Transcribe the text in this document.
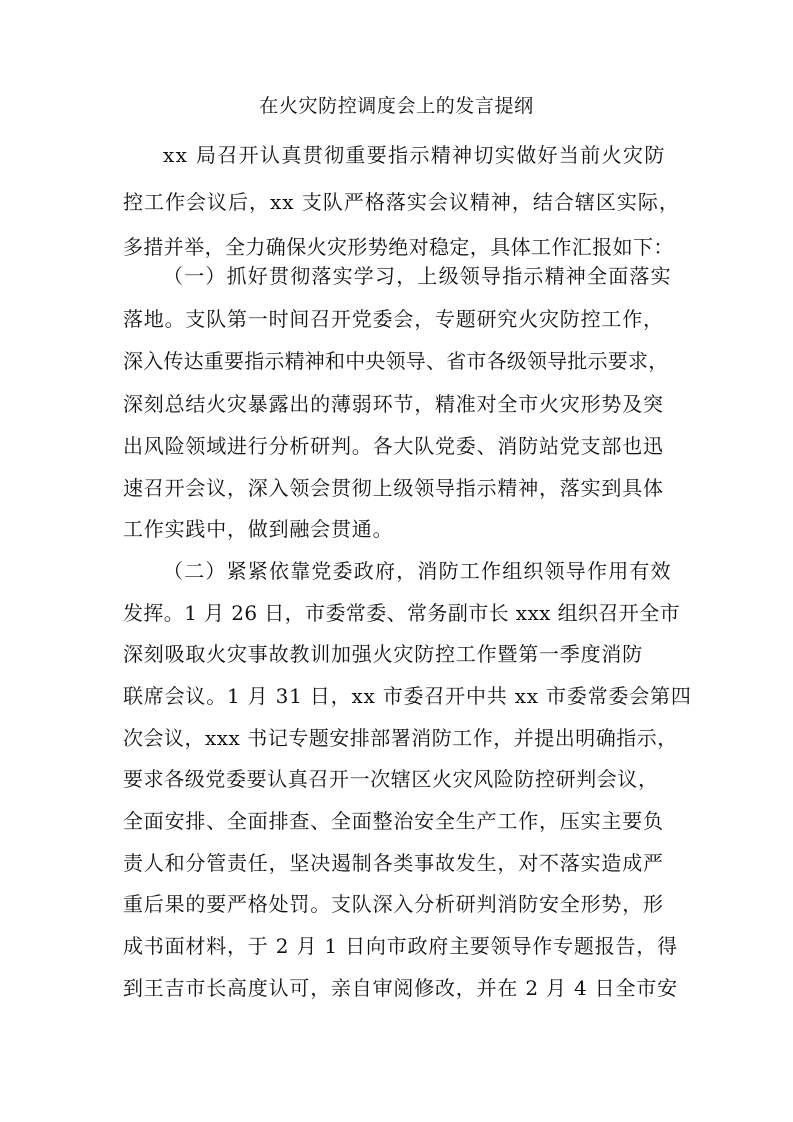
在火灾防控调度会上的发言提纲
xx 局召开认真贯彻重要指示精神切实做好当前火灾防
控工作会议后，xx 支队严格落实会议精神，结合辖区实际，
多措并举，全力确保火灾形势绝对稳定，具体工作汇报如下：
（一）抓好贯彻落实学习，上级领导指示精神全面落实
落地。支队第一时间召开党委会，专题研究火灾防控工作，
深入传达重要指示精神和中央领导、省市各级领导批示要求，
深刻总结火灾暴露出的薄弱环节，精准对全市火灾形势及突
出风险领域进行分析研判。各大队党委、消防站党支部也迅
速召开会议，深入领会贯彻上级领导指示精神，落实到具体
工作实践中，做到融会贯通。
（二）紧紧依靠党委政府，消防工作组织领导作用有效
发挥。1 月 26 日，市委常委、常务副市长 xxx 组织召开全市
深刻吸取火灾事故教训加强火灾防控工作暨第一季度消防
联席会议。1 月 31 日，xx 市委召开中共 xx 市委常委会第四
次会议，xxx 书记专题安排部署消防工作，并提出明确指示，
要求各级党委要认真召开一次辖区火灾风险防控研判会议，
全面安排、全面排查、全面整治安全生产工作，压实主要负
责人和分管责任，坚决遏制各类事故发生，对不落实造成严
重后果的要严格处罚。支队深入分析研判消防安全形势，形
成书面材料，于 2 月 1 日向市政府主要领导作专题报告，得
到王吉市长高度认可，亲自审阅修改，并在 2 月 4 日全市安
